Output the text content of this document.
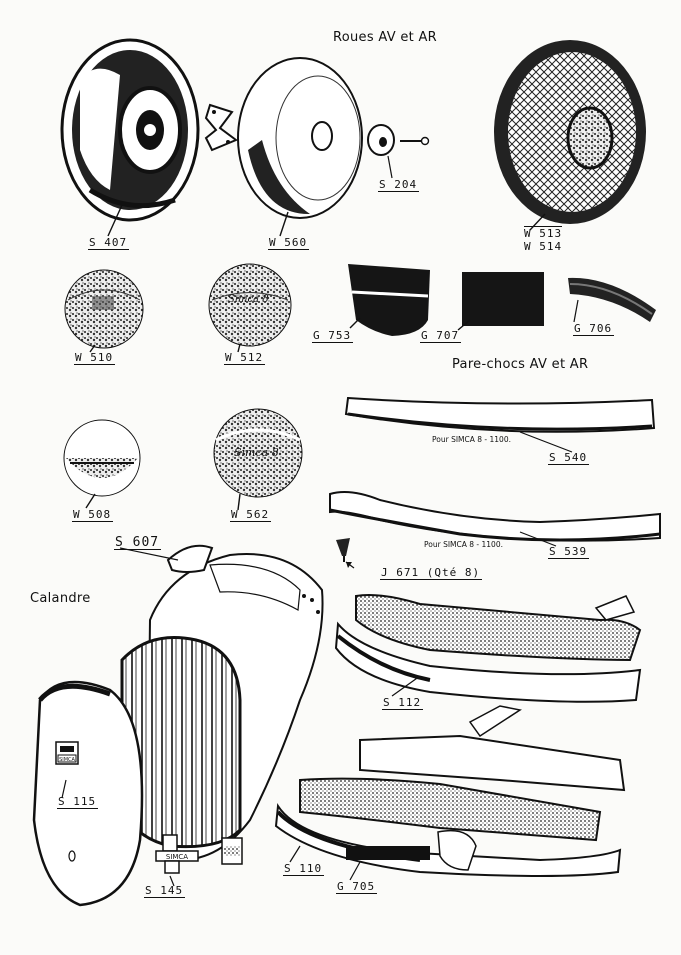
Simca 8
Simca 8
SIMCA
SIMCA
Roues AV et AR
Pare-chocs AV et AR
Calandre
S 407	W 560
S 204
W 513
W 514
W 510	W 512
G 753	G 707
G 706
Pour SIMCA 8 - 1100.
S 540
Pour SIMCA 8 - 1100.
S 539
W 508	W 562
S 607
J 671 (Qté 8)
S 112
S 115
S 145
S 110
G 705
